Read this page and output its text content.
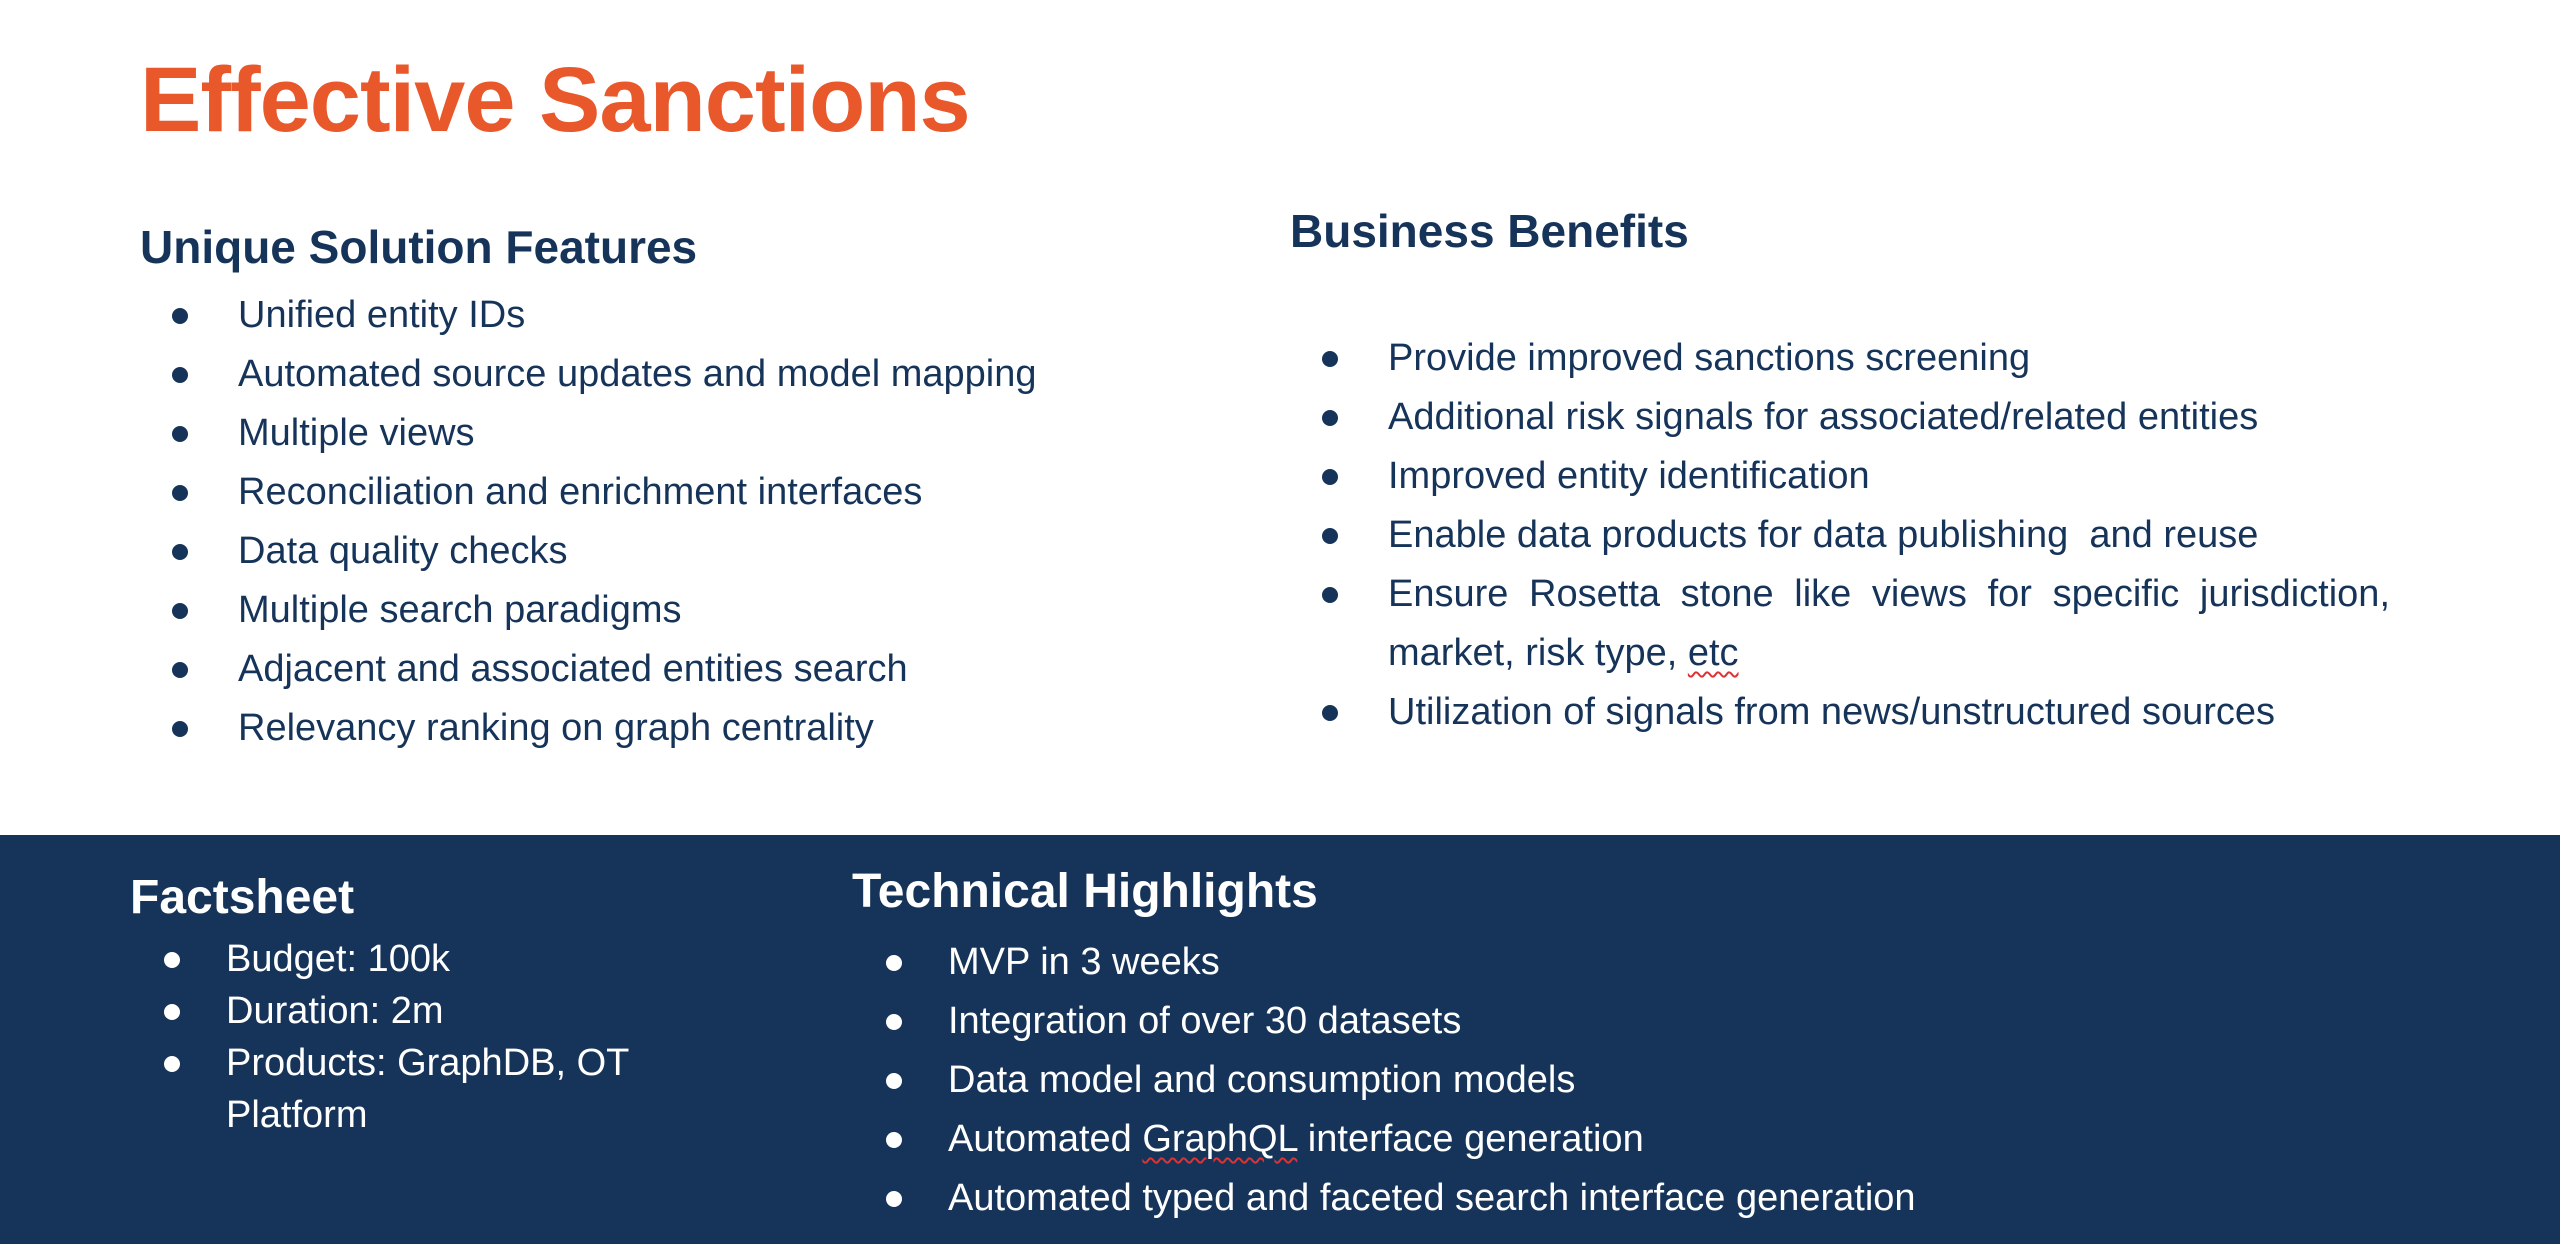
Effective Sanctions
Unique Solution Features
Unified entity IDs
Automated source updates and model mapping
Multiple views
Reconciliation and enrichment interfaces
Data quality checks
Multiple search paradigms
Adjacent and associated entities search
Relevancy ranking on graph centrality
Business Benefits
Provide improved sanctions screening
Additional risk signals for associated/related entities
Improved entity identification
Enable data products for data publishing  and reuse
Ensure Rosetta stone like views for specific jurisdiction, market, risk type, etc
Utilization of signals from news/unstructured sources
Factsheet
Budget: 100k
Duration: 2m
Products: GraphDB, OT Platform
Technical Highlights
MVP in 3 weeks
Integration of over 30 datasets
Data model and consumption models
Automated GraphQL interface generation
Automated typed and faceted search interface generation
